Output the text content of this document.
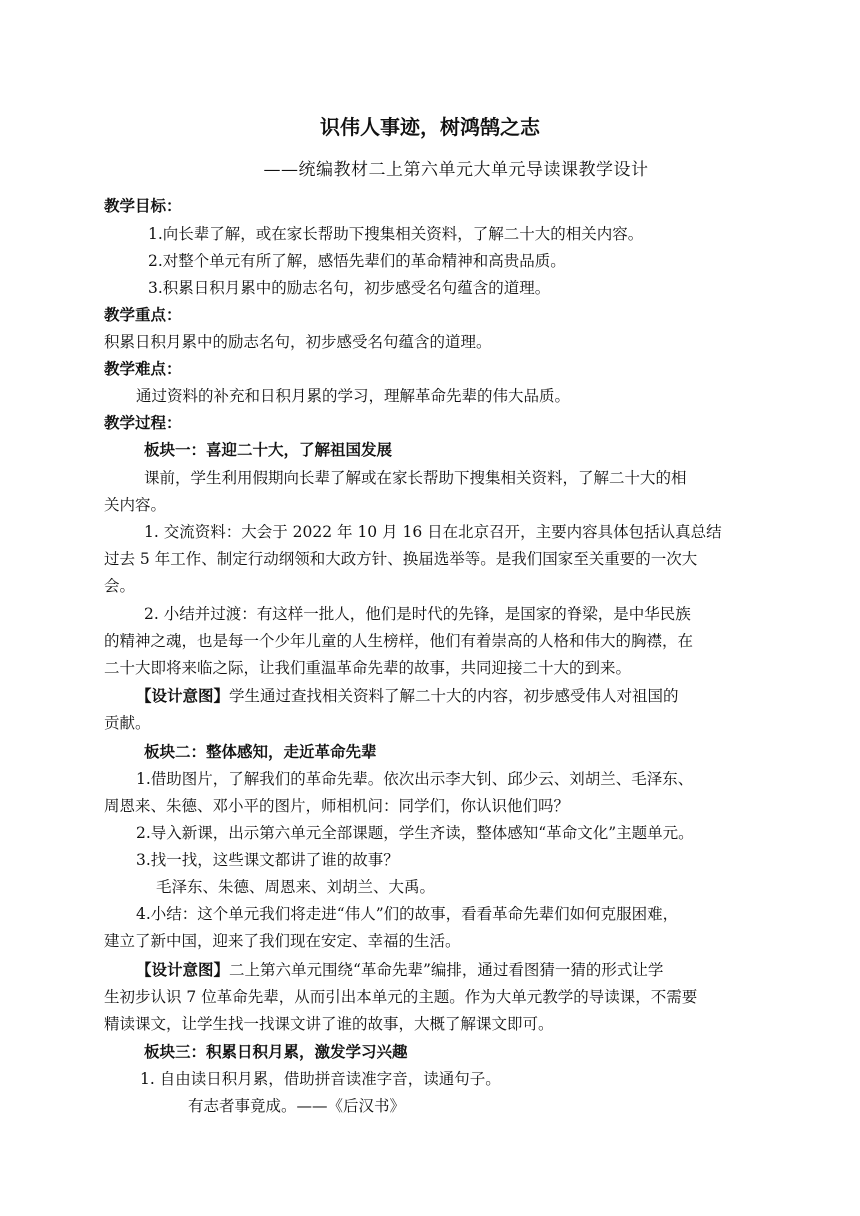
识伟人事迹，树鸿鹄之志
——统编教材二上第六单元大单元导读课教学设计
教学目标：
1.向长辈了解，或在家长帮助下搜集相关资料，了解二十大的相关内容。
2.对整个单元有所了解，感悟先辈们的革命精神和高贵品质。
3.积累日积月累中的励志名句，初步感受名句蕴含的道理。
教学重点：
积累日积月累中的励志名句，初步感受名句蕴含的道理。
教学难点：
通过资料的补充和日积月累的学习，理解革命先辈的伟大品质。
教学过程：
板块一：喜迎二十大，了解祖国发展
课前，学生利用假期向长辈了解或在家长帮助下搜集相关资料，了解二十大的相
关内容。
1. 交流资料：大会于 2022 年 10 月 16 日在北京召开，主要内容具体包括认真总结
过去 5 年工作、制定行动纲领和大政方针、换届选举等。是我们国家至关重要的一次大
会。
2. 小结并过渡：有这样一批人，他们是时代的先锋，是国家的脊梁，是中华民族
的精神之魂，也是每一个少年儿童的人生榜样，他们有着崇高的人格和伟大的胸襟，在
二十大即将来临之际，让我们重温革命先辈的故事，共同迎接二十大的到来。
【设计意图】学生通过查找相关资料了解二十大的内容，初步感受伟人对祖国的
贡献。
板块二：整体感知，走近革命先辈
1.借助图片，了解我们的革命先辈。依次出示李大钊、邱少云、刘胡兰、毛泽东、
周恩来、朱德、邓小平的图片，师相机问：同学们，你认识他们吗？
2.导入新课，出示第六单元全部课题，学生齐读，整体感知“革命文化”主题单元。
3.找一找，这些课文都讲了谁的故事？
毛泽东、朱德、周恩来、刘胡兰、大禹。
4.小结：这个单元我们将走进“伟人”们的故事，看看革命先辈们如何克服困难，
建立了新中国，迎来了我们现在安定、幸福的生活。
【设计意图】二上第六单元围绕“革命先辈”编排，通过看图猜一猜的形式让学
生初步认识 7 位革命先辈，从而引出本单元的主题。作为大单元教学的导读课，不需要
精读课文，让学生找一找课文讲了谁的故事，大概了解课文即可。
板块三：积累日积月累，激发学习兴趣
1. 自由读日积月累，借助拼音读准字音，读通句子。
有志者事竟成。——《后汉书》
